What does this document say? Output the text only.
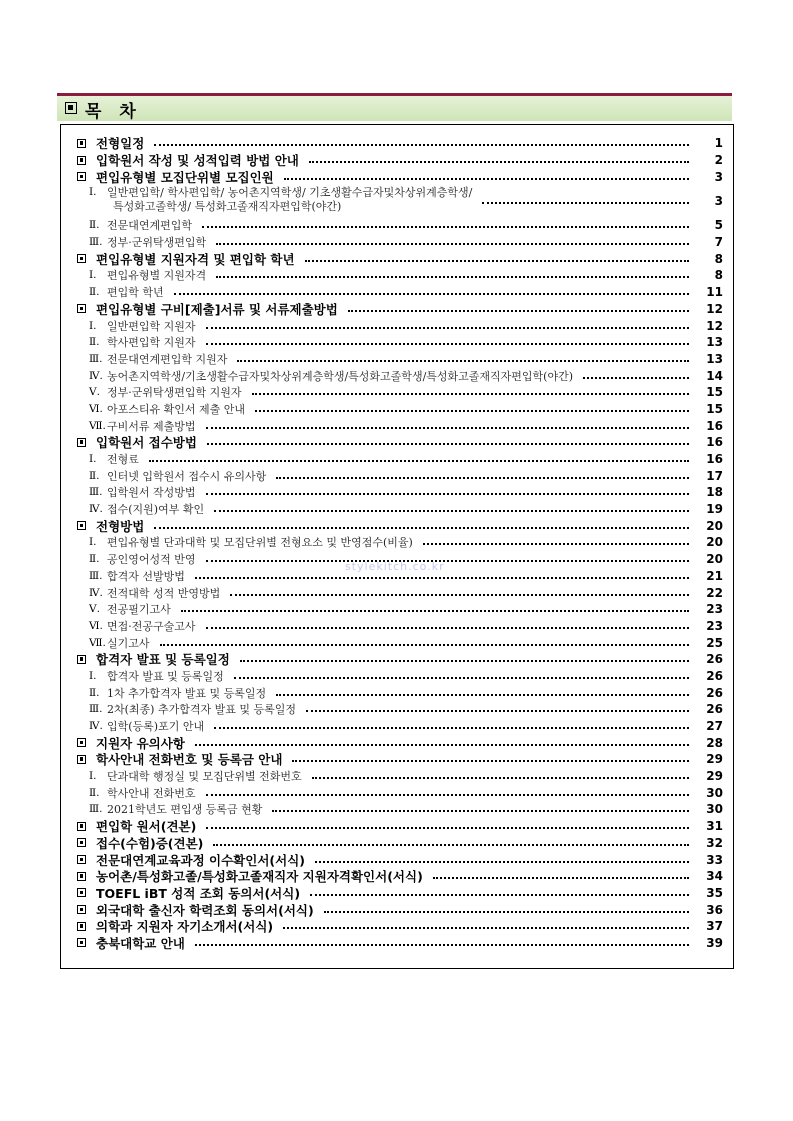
목 차
전형일정	1
입학원서 작성 및 성적입력 방법 안내	2
편입유형별 모집단위별 모집인원	3
Ⅰ. 일반편입학/ 학사편입학/ 농어촌지역학생/ 기초생활수급자및차상위계층학생/
특성화고졸학생/ 특성화고졸재직자편입학(야간)	3
Ⅱ. 전문대연계편입학	5
Ⅲ. 정부·군위탁생편입학	7
편입유형별 지원자격 및 편입학 학년	8
Ⅰ. 편입유형별 지원자격	8
Ⅱ. 편입학 학년	11
편입유형별 구비[제출]서류 및 서류제출방법	12
Ⅰ. 일반편입학 지원자	12
Ⅱ. 학사편입학 지원자	13
Ⅲ. 전문대연계편입학 지원자	13
Ⅳ. 농어촌지역학생/기초생활수급자및차상위계층학생/특성화고졸학생/특성화고졸재직자편입학(야간)	14
Ⅴ. 정부·군위탁생편입학 지원자	15
Ⅵ. 아포스티유 확인서 제출 안내	15
Ⅶ. 구비서류 제출방법	16
입학원서 접수방법	16
Ⅰ. 전형료	16
Ⅱ. 인터넷 입학원서 접수시 유의사항	17
Ⅲ. 입학원서 작성방법	18
Ⅳ. 접수(지원)여부 확인	19
전형방법	20
Ⅰ. 편입유형별 단과대학 및 모집단위별 전형요소 및 반영점수(비율)	20
Ⅱ. 공인영어성적 반영	20
Ⅲ. 합격자 선발방법	21
Ⅳ. 전적대학 성적 반영방법	22
Ⅴ. 전공필기고사	23
Ⅵ. 면접·전공구술고사	23
Ⅶ. 실기고사	25
합격자 발표 및 등록일정	26
Ⅰ. 합격자 발표 및 등록일정	26
Ⅱ. 1차 추가합격자 발표 및 등록일정	26
Ⅲ. 2차(최종) 추가합격자 발표 및 등록일정	26
Ⅳ. 입학(등록)포기 안내	27
지원자 유의사항	28
학사안내 전화번호 및 등록금 안내	29
Ⅰ. 단과대학 행정실 및 모집단위별 전화번호	29
Ⅱ. 학사안내 전화번호	30
Ⅲ. 2021학년도 편입생 등록금 현황	30
편입학 원서(견본)	31
접수(수험)증(견본)	32
전문대연계교육과정 이수확인서(서식)	33
농어촌/특성화고졸/특성화고졸재직자 지원자격확인서(서식)	34
TOEFL iBT 성적 조회 동의서(서식)	35
외국대학 출신자 학력조회 동의서(서식)	36
의학과 지원자 자기소개서(서식)	37
충북대학교 안내	39
stylekitch.co.kr
